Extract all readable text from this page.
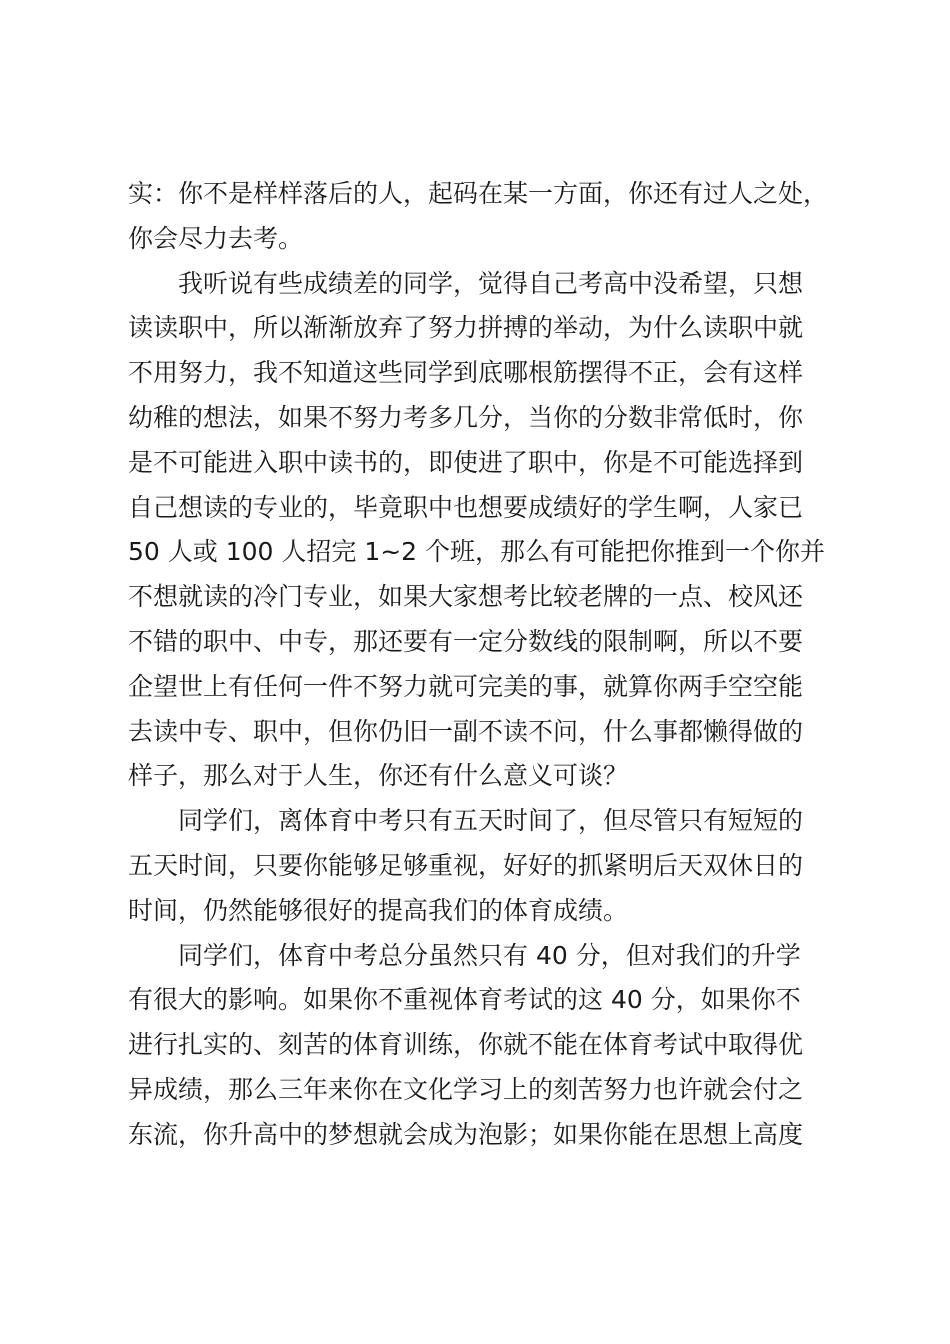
实：你不是样样落后的人，起码在某一方面，你还有过人之处，
你会尽力去考。
我听说有些成绩差的同学，觉得自己考高中没希望，只想
读读职中，所以渐渐放弃了努力拼搏的举动，为什么读职中就
不用努力，我不知道这些同学到底哪根筋摆得不正，会有这样
幼稚的想法，如果不努力考多几分，当你的分数非常低时，你
是不可能进入职中读书的，即使进了职中，你是不可能选择到
自己想读的专业的，毕竟职中也想要成绩好的学生啊，人家已
50 人或 100 人招完 1~2 个班，那么有可能把你推到一个你并
不想就读的冷门专业，如果大家想考比较老牌的一点、校风还
不错的职中、中专，那还要有一定分数线的限制啊，所以不要
企望世上有任何一件不努力就可完美的事，就算你两手空空能
去读中专、职中，但你仍旧一副不读不问，什么事都懒得做的
样子，那么对于人生，你还有什么意义可谈？
同学们，离体育中考只有五天时间了，但尽管只有短短的
五天时间，只要你能够足够重视，好好的抓紧明后天双休日的
时间，仍然能够很好的提高我们的体育成绩。
同学们，体育中考总分虽然只有 40 分，但对我们的升学
有很大的影响。如果你不重视体育考试的这 40 分，如果你不
进行扎实的、刻苦的体育训练，你就不能在体育考试中取得优
异成绩，那么三年来你在文化学习上的刻苦努力也许就会付之
东流，你升高中的梦想就会成为泡影；如果你能在思想上高度
